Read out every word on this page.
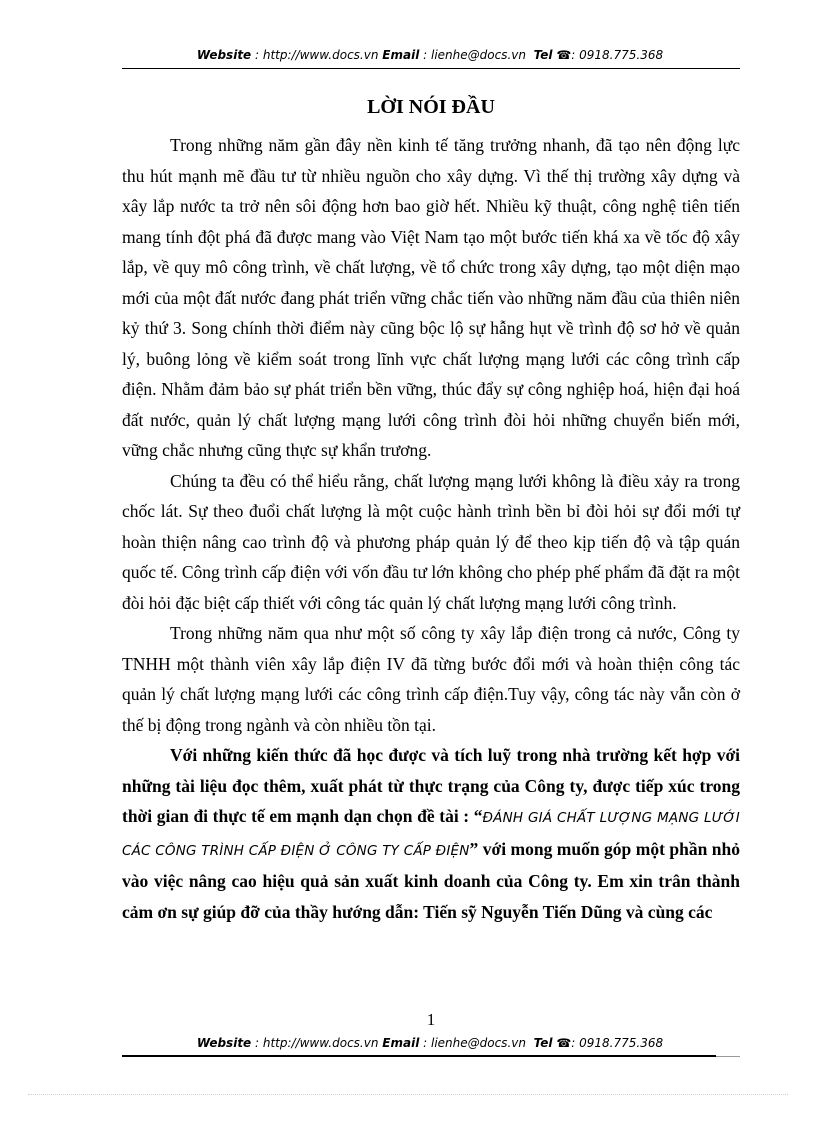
Website : http://www.docs.vn Email : lienhe@docs.vn Tel ☎: 0918.775.368
LỜI NÓI ĐẦU

Trong những năm gần đây nền kinh tế tăng trưởng nhanh, đã tạo nên động lực thu hút mạnh mẽ đầu tư từ nhiều nguồn cho xây dựng. Vì thế thị trường xây dựng và xây lắp nước ta trở nên sôi động hơn bao giờ hết. Nhiều kỹ thuật, công nghệ tiên tiến mang tính đột phá đã được mang vào Việt Nam tạo một bước tiến khá xa về tốc độ xây lắp, về quy mô công trình, về chất lượng, về tổ chức trong xây dựng, tạo một diện mạo mới của một đất nước đang phát triển vững chắc tiến vào những năm đầu của thiên niên kỷ thứ 3. Song chính thời điểm này cũng bộc lộ sự hẫng hụt về trình độ sơ hở về quản lý, buông lỏng về kiểm soát trong lĩnh vực chất lượng mạng lưới các công trình cấp điện. Nhằm đảm bảo sự phát triển bền vững, thúc đẩy sự công nghiệp hoá, hiện đại hoá đất nước, quản lý chất lượng mạng lưới công trình đòi hỏi những chuyển biến mới, vững chắc nhưng cũng thực sự khẩn trương.

Chúng ta đều có thể hiểu rằng, chất lượng mạng lưới không là điều xảy ra trong chốc lát. Sự theo đuổi chất lượng là một cuộc hành trình bền bỉ đòi hỏi sự đổi mới tự hoàn thiện nâng cao trình độ và phương pháp quản lý để theo kịp tiến độ và tập quán quốc tế. Công trình cấp điện với vốn đầu tư lớn không cho phép phế phẩm đã đặt ra một đòi hỏi đặc biệt cấp thiết với công tác quản lý chất lượng mạng lưới công trình.

Trong những năm qua như một số công ty xây lắp điện trong cả nước, Công ty TNHH một thành viên xây lắp điện IV đã từng bước đổi mới và hoàn thiện công tác quản lý chất lượng mạng lưới các công trình cấp điện.Tuy vậy, công tác này vẫn còn ở thế bị động trong ngành và còn nhiều tồn tại.

Với những kiến thức đã học được và tích luỹ trong nhà trường kết hợp với những tài liệu đọc thêm, xuất phát từ thực trạng của Công ty, được tiếp xúc trong thời gian đi thực tế em mạnh dạn chọn đề tài : “ĐÁNH GIÁ CHẤT LƯỢNG MẠNG LƯỚI CÁC CÔNG TRÌNH CẤP ĐIỆN Ở CÔNG TY CẤP ĐIỆN” với mong muốn góp một phần nhỏ vào việc nâng cao hiệu quả sản xuất kinh doanh của Công ty. Em xin trân thành cảm ơn sự giúp đỡ của thầy hướng dẫn: Tiến sỹ Nguyễn Tiến Dũng và cùng các

1
Website : http://www.docs.vn Email : lienhe@docs.vn Tel ☎: 0918.775.368
